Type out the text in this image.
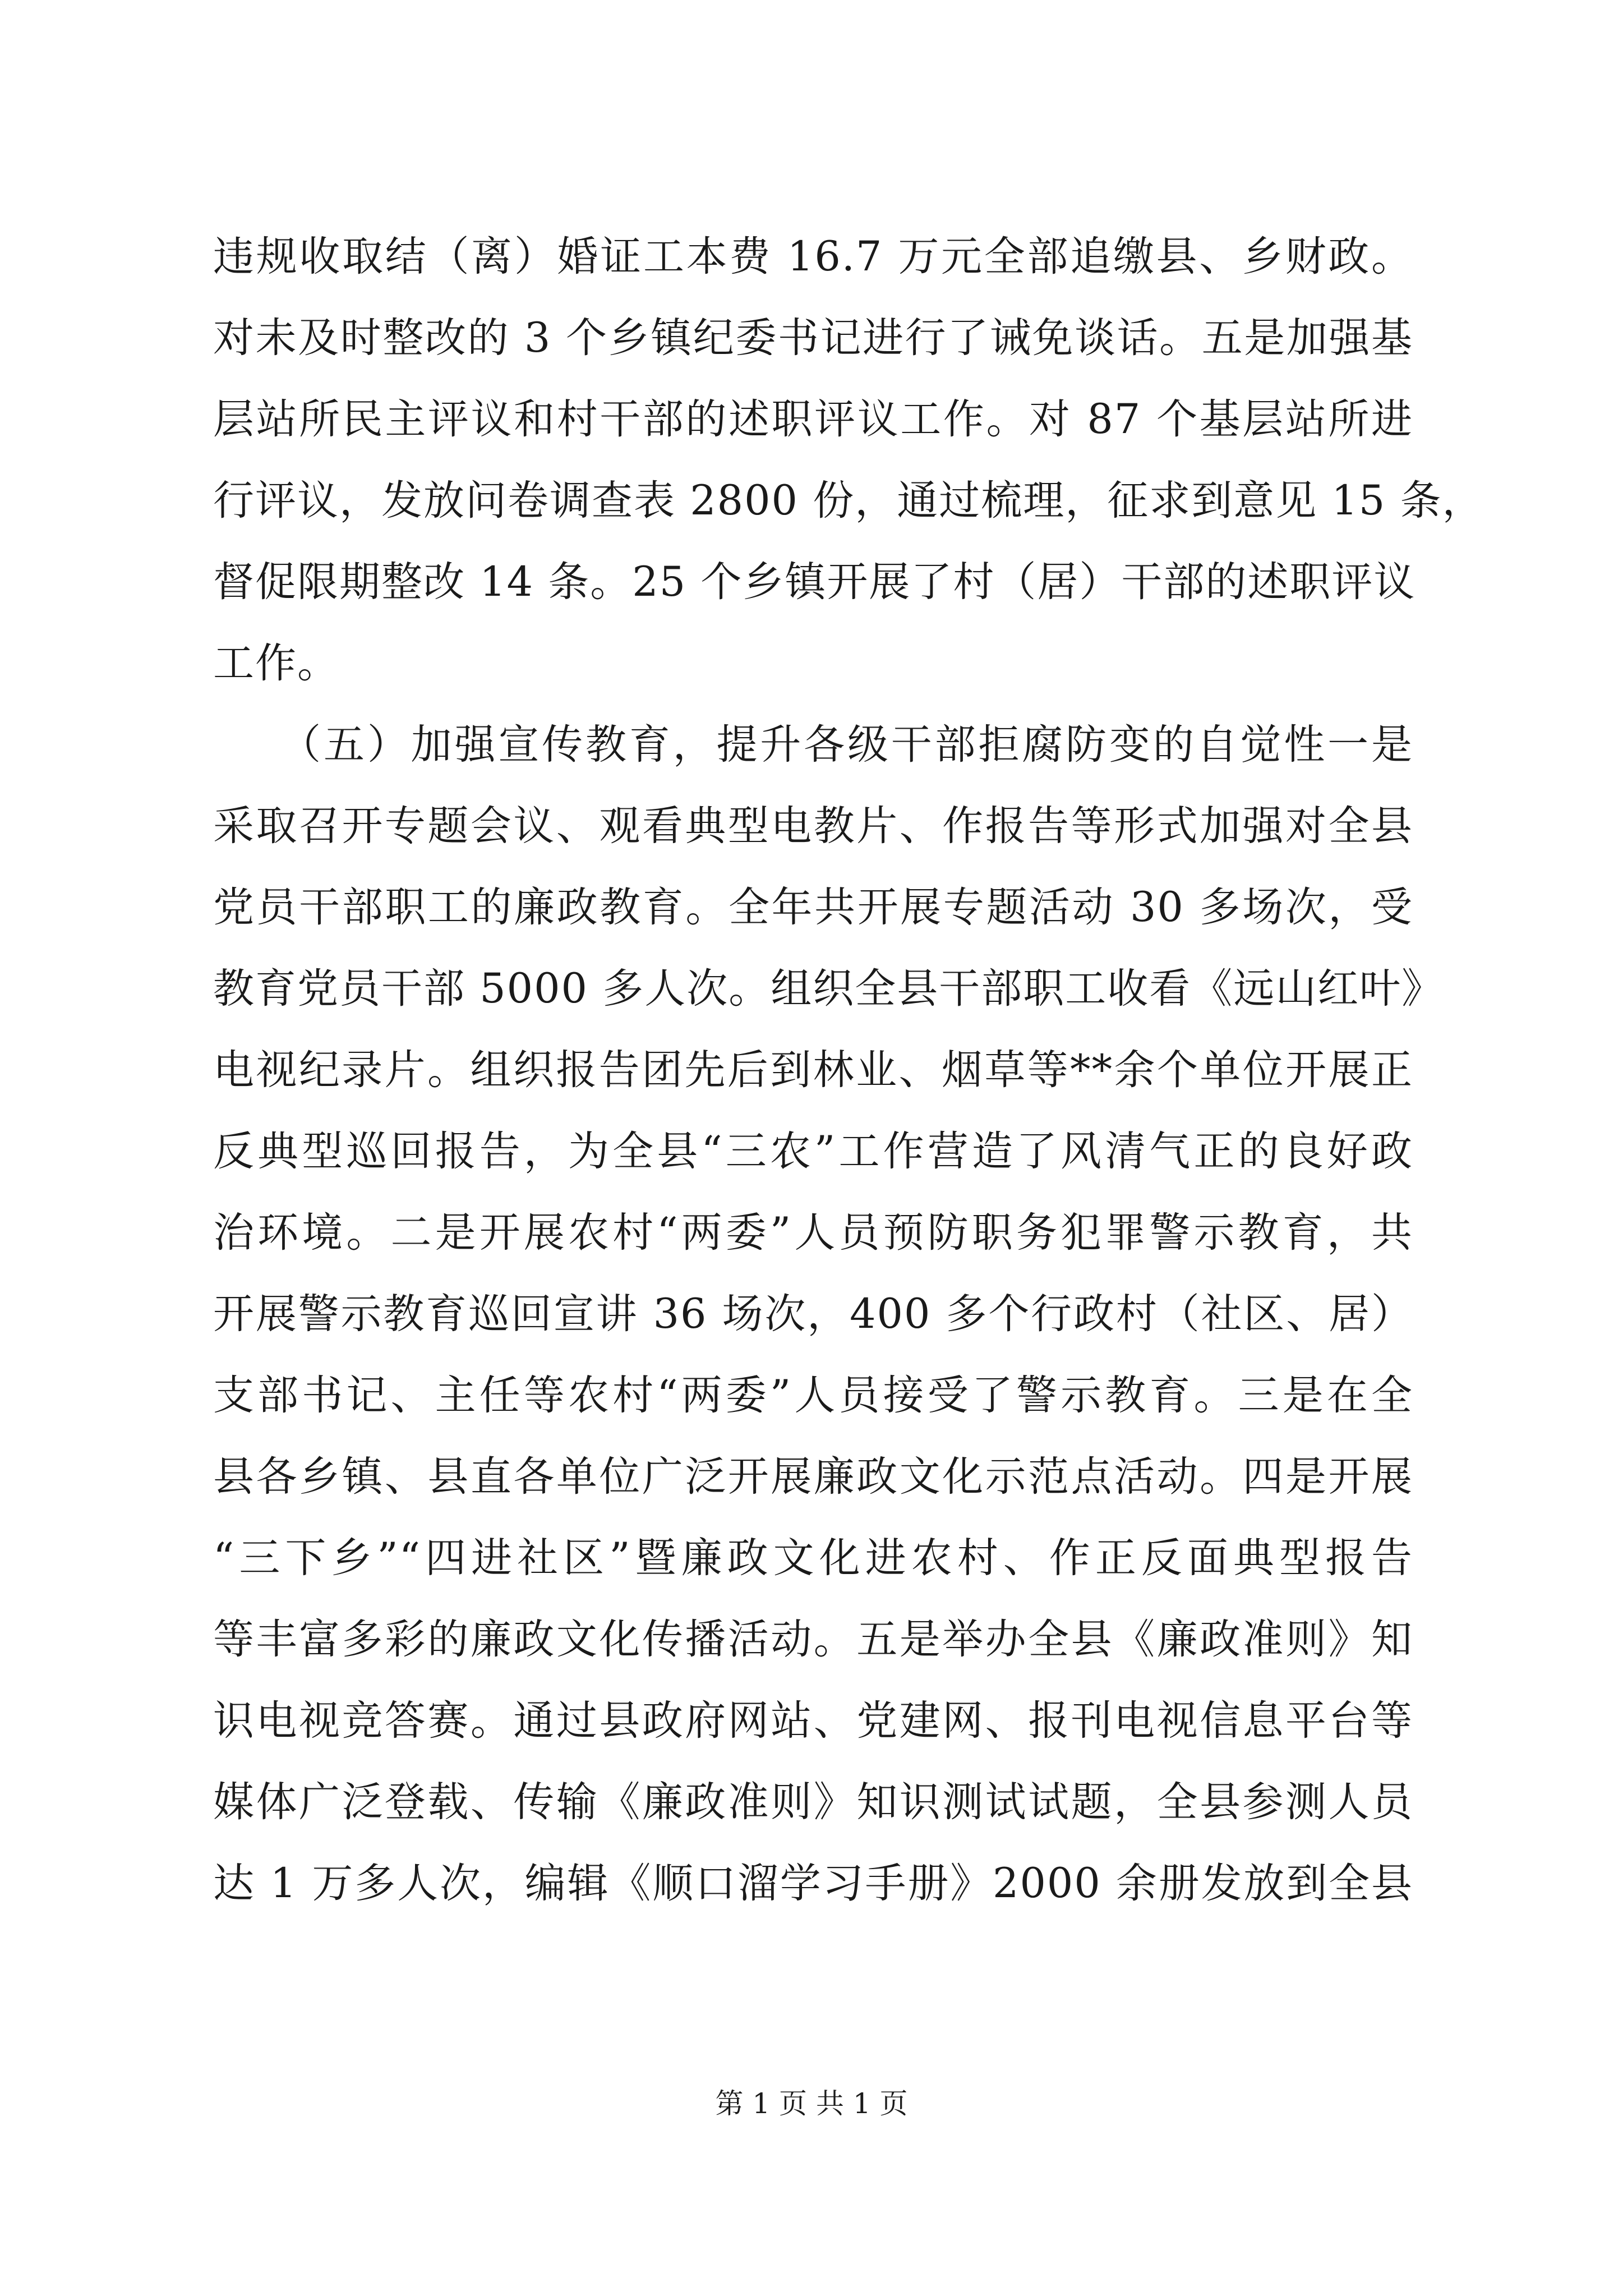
违规收取结（离）婚证工本费 16.7 万元全部追缴县、乡财政。
对未及时整改的 3 个乡镇纪委书记进行了诫免谈话。五是加强基
层站所民主评议和村干部的述职评议工作。对 87 个基层站所进
行评议，发放问卷调查表 2800 份，通过梳理，征求到意见 15 条，
督促限期整改 14 条。25 个乡镇开展了村（居）干部的述职评议
工作。
　　（五）加强宣传教育，提升各级干部拒腐防变的自觉性一是
采取召开专题会议、观看典型电教片、作报告等形式加强对全县
党员干部职工的廉政教育。全年共开展专题活动 30 多场次，受
教育党员干部 5000 多人次。组织全县干部职工收看《远山红叶》
电视纪录片。组织报告团先后到林业、烟草等**余个单位开展正
反典型巡回报告，为全县“三农”工作营造了风清气正的良好政
治环境。二是开展农村“两委”人员预防职务犯罪警示教育，共
开展警示教育巡回宣讲 36 场次，400 多个行政村（社区、居）
支部书记、主任等农村“两委”人员接受了警示教育。三是在全
县各乡镇、县直各单位广泛开展廉政文化示范点活动。四是开展
“三下乡”“四进社区”暨廉政文化进农村、作正反面典型报告
等丰富多彩的廉政文化传播活动。五是举办全县《廉政准则》知
识电视竞答赛。通过县政府网站、党建网、报刊电视信息平台等
媒体广泛登载、传输《廉政准则》知识测试试题，全县参测人员
达 1 万多人次，编辑《顺口溜学习手册》2000 余册发放到全县
第 1 页 共 1 页
